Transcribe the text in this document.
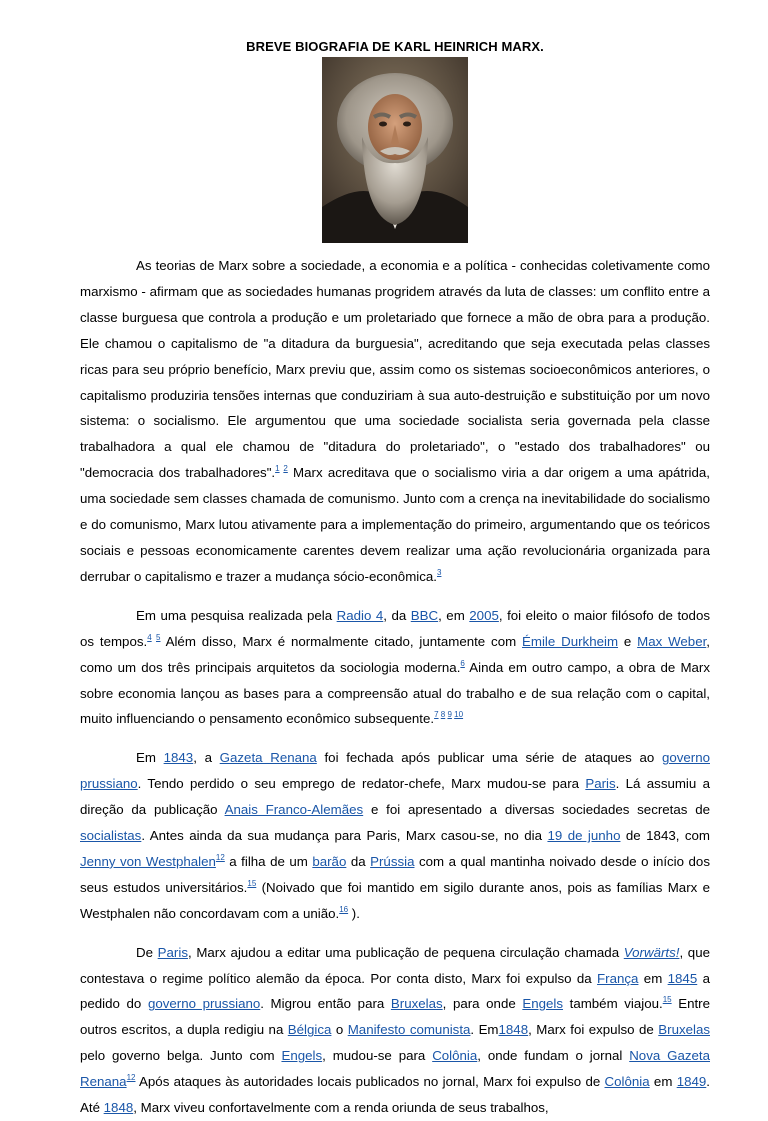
BREVE BIOGRAFIA DE KARL HEINRICH MARX.

As teorias de Marx sobre a sociedade, a economia e a política - conhecidas coletivamente como marxismo - afirmam que as sociedades humanas progridem através da luta de classes: um conflito entre a classe burguesa que controla a produção e um proletariado que fornece a mão de obra para a produção. Ele chamou o capitalismo de "a ditadura da burguesia", acreditando que seja executada pelas classes ricas para seu próprio benefício, Marx previu que, assim como os sistemas socioeconômicos anteriores, o capitalismo produziria tensões internas que conduziriam à sua auto-destruição e substituição por um novo sistema: o socialismo. Ele argumentou que uma sociedade socialista seria governada pela classe trabalhadora a qual ele chamou de "ditadura do proletariado", o "estado dos trabalhadores" ou "democracia dos trabalhadores".$^{1 2}$ Marx acreditava que o socialismo viria a dar origem a uma apátrida, uma sociedade sem classes chamada de comunismo. Junto com a crença na inevitabilidade do socialismo e do comunismo, Marx lutou ativamente para a implementação do primeiro, argumentando que os teóricos sociais e pessoas economicamente carentes devem realizar uma ação revolucionária organizada para derrubar o capitalismo e trazer a mudança sócio-econômica.$^3$

Em uma pesquisa realizada pela Radio 4, da BBC, em 2005, foi eleito o maior filósofo de todos os tempos.$^{4 5}$ Além disso, Marx é normalmente citado, juntamente com Émile Durkheim e Max Weber, como um dos três principais arquitetos da sociologia moderna.$^6$ Ainda em outro campo, a obra de Marx sobre economia lançou as bases para a compreensão atual do trabalho e de sua relação com o capital, muito influenciando o pensamento econômico subsequente.$^{7 8 9 10}$

Em 1843, a Gazeta Renana foi fechada após publicar uma série de ataques ao governo prussiano. Tendo perdido o seu emprego de redator-chefe, Marx mudou-se para Paris. Lá assumiu a direção da publicação Anais Franco-Alemães e foi apresentado a diversas sociedades secretas de socialistas. Antes ainda da sua mudança para Paris, Marx casou-se, no dia 19 de junho de 1843, com Jenny von Westphalen$^{12}$ a filha de um barão da Prússia com a qual mantinha noivado desde o início dos seus estudos universitários.$^{15}$ (Noivado que foi mantido em sigilo durante anos, pois as famílias Marx e Westphalen não concordavam com a união.$^{16}$ ).

De Paris, Marx ajudou a editar uma publicação de pequena circulação chamada Vorwärts!, que contestava o regime político alemão da época. Por conta disto, Marx foi expulso da França em 1845 a pedido do governo prussiano. Migrou então para Bruxelas, para onde Engels também viajou.$^{15}$ Entre outros escritos, a dupla redigiu na Bélgica o Manifesto comunista. Em1848, Marx foi expulso de Bruxelas pelo governo belga. Junto com Engels, mudou-se para Colônia, onde fundam o jornal Nova Gazeta Renana$^{12}$ Após ataques às autoridades locais publicados no jornal, Marx foi expulso de Colônia em 1849. Até 1848, Marx viveu confortavelmente com a renda oriunda de seus trabalhos,
